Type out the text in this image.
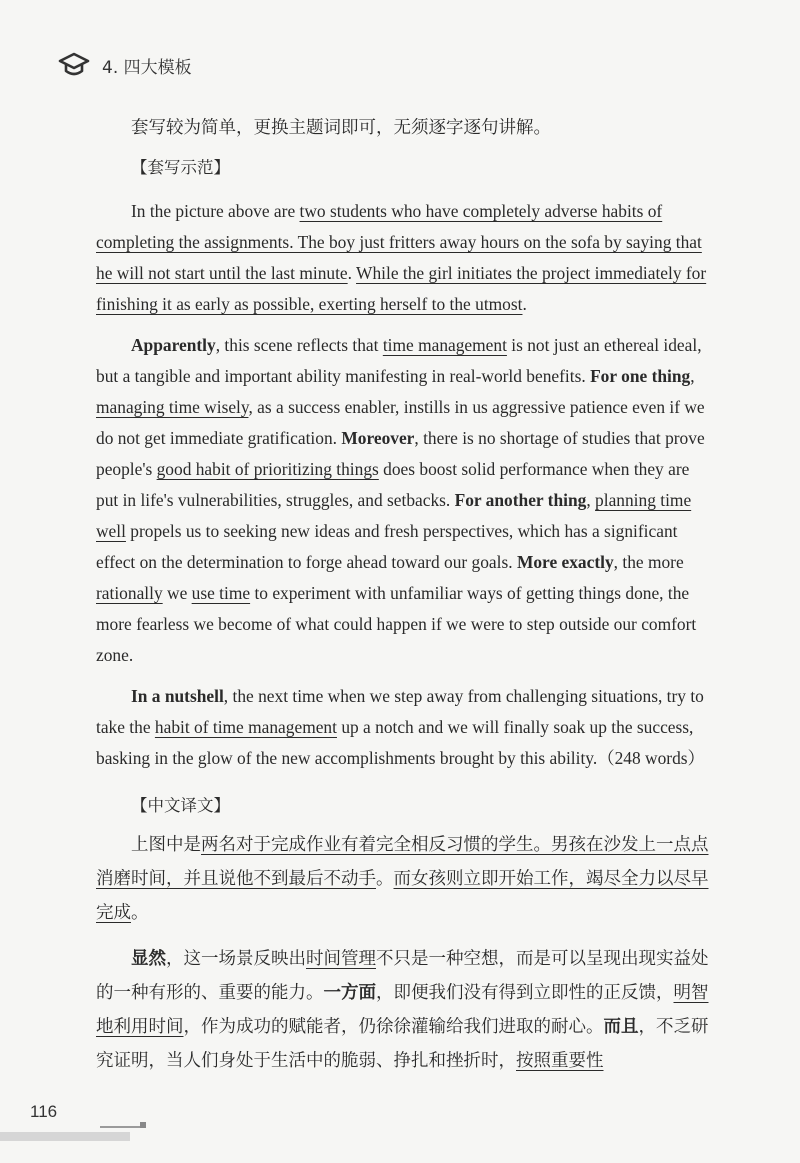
4. 四大模板

套写较为简单，更换主题词即可，无须逐字逐句讲解。

【套写示范】

In the picture above are two students who have completely adverse habits of completing the assignments. The boy just fritters away hours on the sofa by saying that he will not start until the last minute. While the girl initiates the project immediately for finishing it as early as possible, exerting herself to the utmost.

Apparently, this scene reflects that time management is not just an ethereal ideal, but a tangible and important ability manifesting in real-world benefits. For one thing, managing time wisely, as a success enabler, instills in us aggressive patience even if we do not get immediate gratification. Moreover, there is no shortage of studies that prove people's good habit of prioritizing things does boost solid performance when they are put in life's vulnerabilities, struggles, and setbacks. For another thing, planning time well propels us to seeking new ideas and fresh perspectives, which has a significant effect on the determination to forge ahead toward our goals. More exactly, the more rationally we use time to experiment with unfamiliar ways of getting things done, the more fearless we become of what could happen if we were to step outside our comfort zone.

In a nutshell, the next time when we step away from challenging situations, try to take the habit of time management up a notch and we will finally soak up the success, basking in the glow of the new accomplishments brought by this ability.（248 words）

【中文译文】

上图中是两名对于完成作业有着完全相反习惯的学生。男孩在沙发上一点点消磨时间，并且说他不到最后不动手。而女孩则立即开始工作，竭尽全力以尽早完成。

显然，这一场景反映出时间管理不只是一种空想，而是可以呈现出现实益处的一种有形的、重要的能力。一方面，即便我们没有得到立即性的正反馈，明智地利用时间，作为成功的赋能者，仍徐徐灌输给我们进取的耐心。而且，不乏研究证明，当人们身处于生活中的脆弱、挣扎和挫折时，按照重要性

116
